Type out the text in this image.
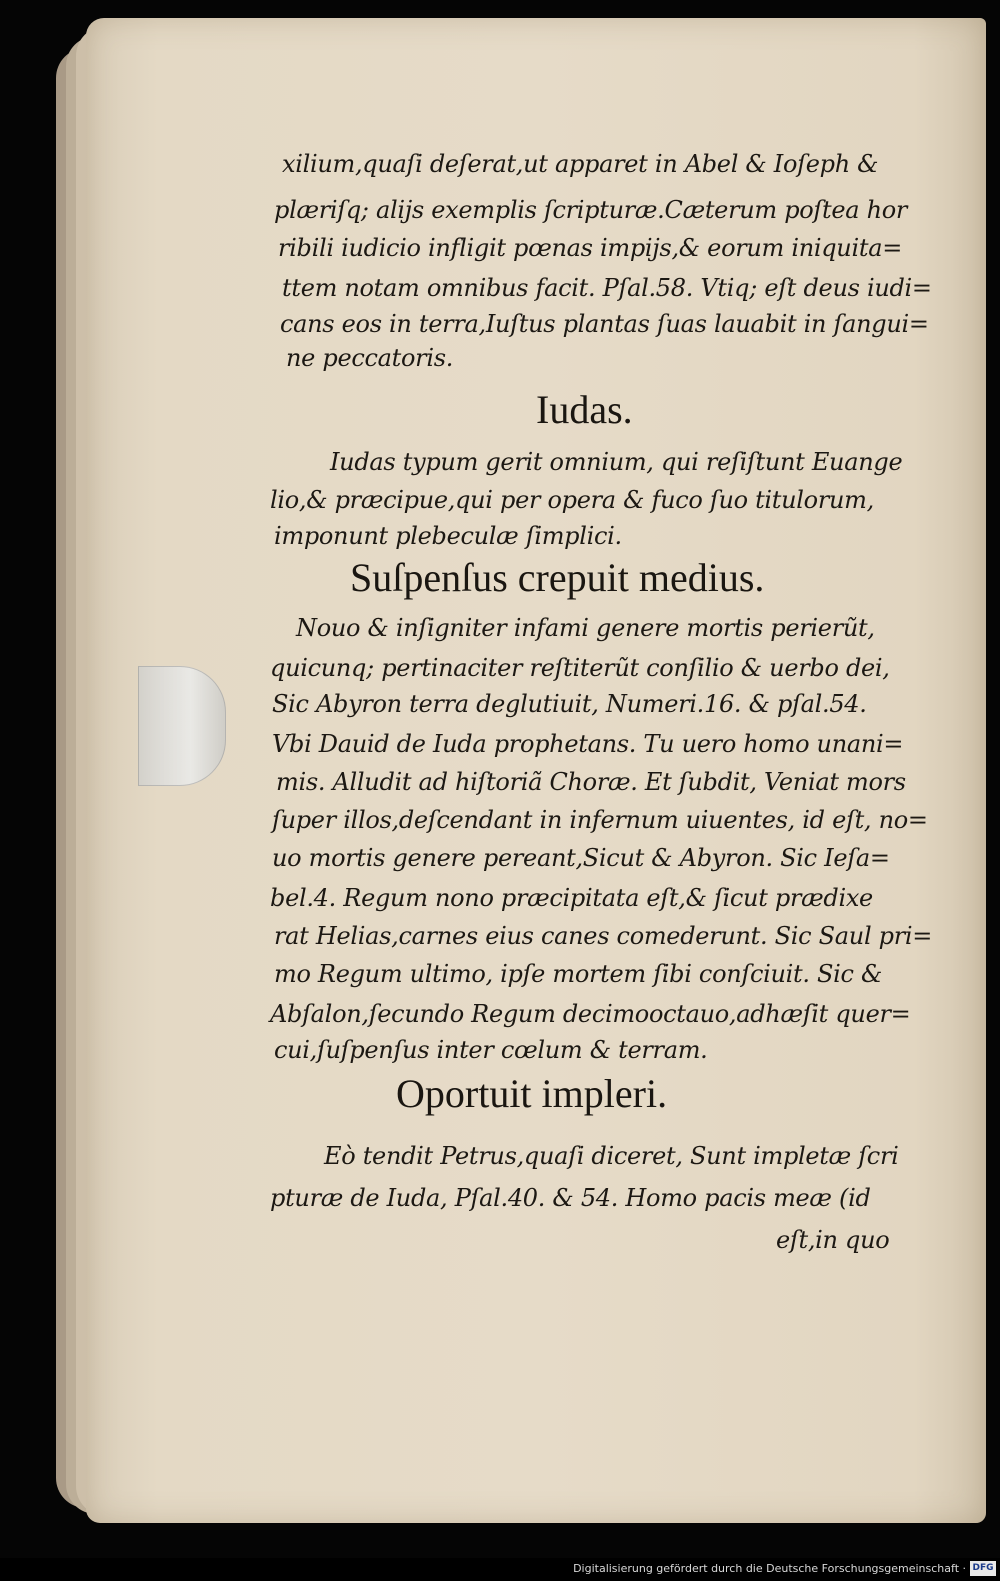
xilium,quaſi deſerat,ut apparet in Abel & Ioſeph &
plæriſq; alijs exemplis ſcripturæ.Cæterum poſtea hor
ribili iudicio infligit pœnas impijs,& eorum iniquita=
ttem notam omnibus facit. Pſal.58. Vtiq; eſt deus iudi=
cans eos in terra,Iuſtus plantas ſuas lauabit in ſangui=
ne peccatoris.
Iudas.
Iudas typum gerit omnium, qui reſiſtunt Euange
lio,& præcipue,qui per opera & fuco ſuo titulorum,
imponunt plebeculæ ſimplici.
Suſpenſus crepuit medius.
Nouo & inſigniter infami genere mortis perierũt,
quicunq; pertinaciter reſtiterũt conſilio & uerbo dei,
Sic Abyron terra deglutiuit, Numeri.16. & pſal.54.
Vbi Dauid de Iuda prophetans. Tu uero homo unani=
mis. Alludit ad hiſtoriã Choræ. Et ſubdit, Veniat mors
ſuper illos,deſcendant in infernum uiuentes, id eſt, no=
uo mortis genere pereant,Sicut & Abyron. Sic Ieſa=
bel.4. Regum nono præcipitata eſt,& ſicut prædixe
rat Helias,carnes eius canes comederunt. Sic Saul pri=
mo Regum ultimo, ipſe mortem ſibi conſciuit. Sic &
Abſalon,ſecundo Regum decimooctauo,adhæſit quer=
cui,ſuſpenſus inter cœlum & terram.
Oportuit impleri.
Eò tendit Petrus,quaſi diceret, Sunt impletæ ſcri
pturæ de Iuda, Pſal.40. & 54. Homo pacis meæ (id
eſt,in quo
Digitalisierung gefördert durch die Deutsche Forschungsgemeinschaft · DFG
